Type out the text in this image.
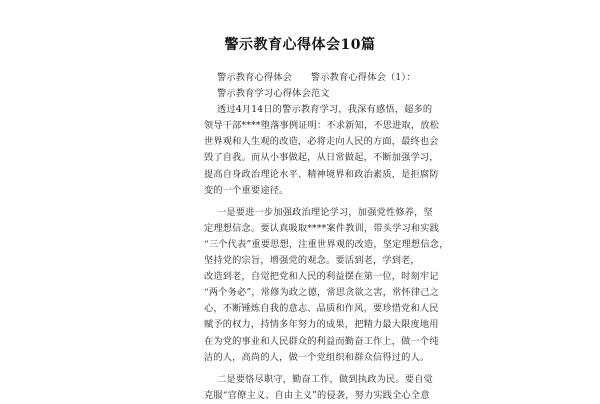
警示教育心得体会10篇
警示教育心得体会　　警示教育心得体会（1）：
警示教育学习心得体会范文
透过4月14日的警示教育学习，我深有感悟，超多的
领导干部****堕落事例证明：不求新知，不思进取，放松
世界观和人生观的改造，必将走向人民的方面，最终也会
毁了自我。而从小事做起，从日常做起，不断加强学习，
提高自身政治理论水平、精神境界和政治素质，是拒腐防
变的一个重要途径。
一是要进一步加强政治理论学习，加强党性修养，坚
定理想信念。要认真吸取****案件教训，带头学习和实践
“三个代表”重要思想，注重世界观的改造，坚定理想信念，
坚持党的宗旨，增强党的观念。要活到老，学到老，
改造到老，自觉把党和人民的利益摆在第一位，时刻牢记
“两个务必”，常修为政之德，常思贪欲之害，常怀律己之
心，不断锤炼自我的意志、品质和作风，要珍惜党和人民
赋予的权力，持情多年努力的成果，把精力最大限度地用
在为党的事业和人民群众的利益而勤奋工作上，做一个纯
洁的人，高尚的人，做一个党组织和群众信得过的人。
二是要恪尽职守，勤奋工作，做到执政为民。要自觉
克服“官僚主义、自由主义”的侵袭，努力实践全心全意
